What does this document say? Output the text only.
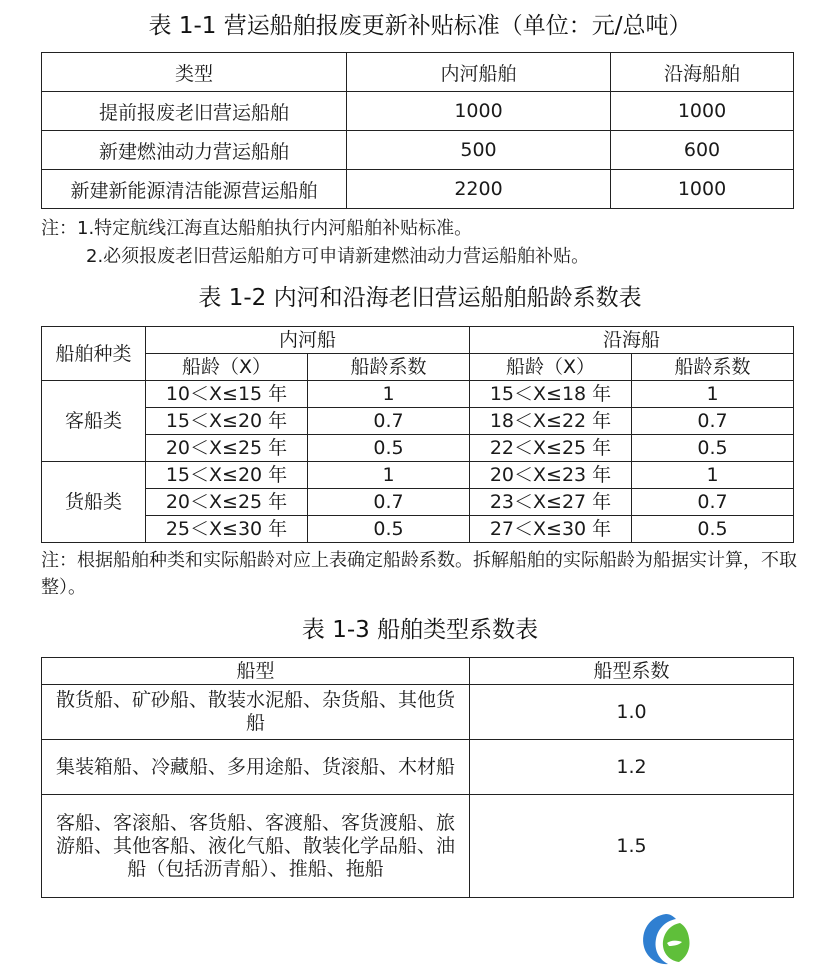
表 1-1 营运船舶报废更新补贴标准（单位：元/总吨）
类型	内河船舶	沿海船舶
提前报废老旧营运船舶	1000	1000
新建燃油动力营运船舶	500	600
新建新能源清洁能源营运船舶	2200	1000
注：1.特定航线江海直达船舶执行内河船舶补贴标准。
2.必须报废老旧营运船舶方可申请新建燃油动力营运船舶补贴。
表 1-2 内河和沿海老旧营运船舶船龄系数表
船舶种类	内河船		沿海船	
	船龄（X）	船龄系数	船龄（X）	船龄系数
客船类	10＜X≤15 年	1	15＜X≤18 年	1
	15＜X≤20 年	0.7	18＜X≤22 年	0.7
	20＜X≤25 年	0.5	22＜X≤25 年	0.5
货船类	15＜X≤20 年	1	20＜X≤23 年	1
	20＜X≤25 年	0.7	23＜X≤27 年	0.7
	25＜X≤30 年	0.5	27＜X≤30 年	0.5
注：根据船舶种类和实际船龄对应上表确定船龄系数。拆解船舶的实际船龄为船据实计算，不取整）。
表 1-3 船舶类型系数表
船型	船型系数
散货船、矿砂船、散装水泥船、杂货船、其他货船	1.0
集装箱船、冷藏船、多用途船、货滚船、木材船	1.2
客船、客滚船、客货船、客渡船、客货渡船、旅游船、其他客船、液化气船、散装化学品船、油船（包括沥青船）、推船、拖船	1.5
